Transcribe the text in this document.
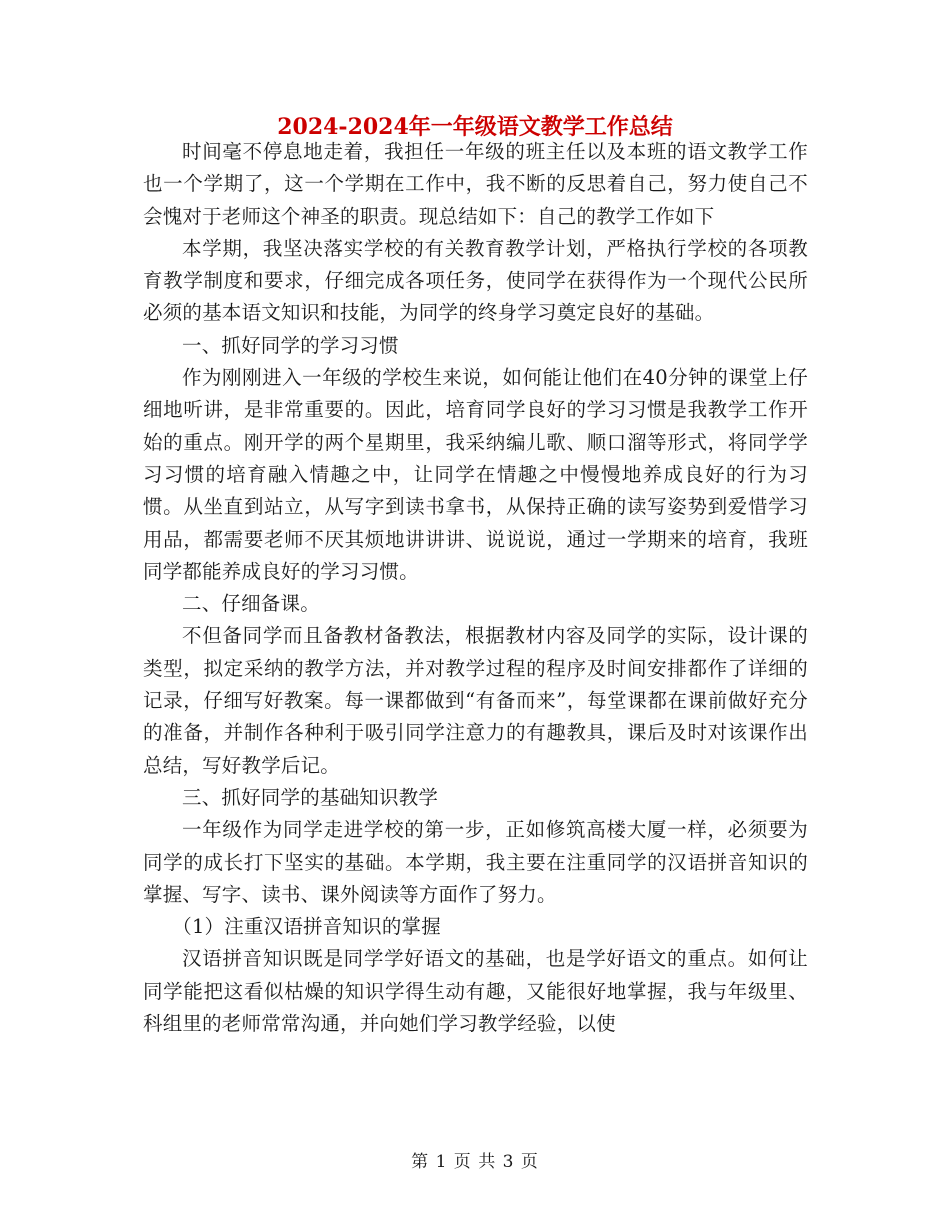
2024-2024年一年级语文教学工作总结

时间毫不停息地走着，我担任一年级的班主任以及本班的语文教学工作也一个学期了，这一个学期在工作中，我不断的反思着自己，努力使自己不会愧对于老师这个神圣的职责。现总结如下：自己的教学工作如下

本学期，我坚决落实学校的有关教育教学计划，严格执行学校的各项教育教学制度和要求，仔细完成各项任务，使同学在获得作为一个现代公民所必须的基本语文知识和技能，为同学的终身学习奠定良好的基础。

一、抓好同学的学习习惯

作为刚刚进入一年级的学校生来说，如何能让他们在40分钟的课堂上仔细地听讲，是非常重要的。因此，培育同学良好的学习习惯是我教学工作开始的重点。刚开学的两个星期里，我采纳编儿歌、顺口溜等形式，将同学学习习惯的培育融入情趣之中，让同学在情趣之中慢慢地养成良好的行为习惯。从坐直到站立，从写字到读书拿书，从保持正确的读写姿势到爱惜学习用品，都需要老师不厌其烦地讲讲讲、说说说，通过一学期来的培育，我班同学都能养成良好的学习习惯。

二、仔细备课。

不但备同学而且备教材备教法，根据教材内容及同学的实际，设计课的类型，拟定采纳的教学方法，并对教学过程的程序及时间安排都作了详细的记录，仔细写好教案。每一课都做到“有备而来”，每堂课都在课前做好充分的准备，并制作各种利于吸引同学注意力的有趣教具，课后及时对该课作出总结，写好教学后记。

三、抓好同学的基础知识教学

一年级作为同学走进学校的第一步，正如修筑高楼大厦一样，必须要为同学的成长打下坚实的基础。本学期，我主要在注重同学的汉语拼音知识的掌握、写字、读书、课外阅读等方面作了努力。

（1）注重汉语拼音知识的掌握

汉语拼音知识既是同学学好语文的基础，也是学好语文的重点。如何让同学能把这看似枯燥的知识学得生动有趣，又能很好地掌握，我与年级里、科组里的老师常常沟通，并向她们学习教学经验，以使

第 1 页 共 3 页
